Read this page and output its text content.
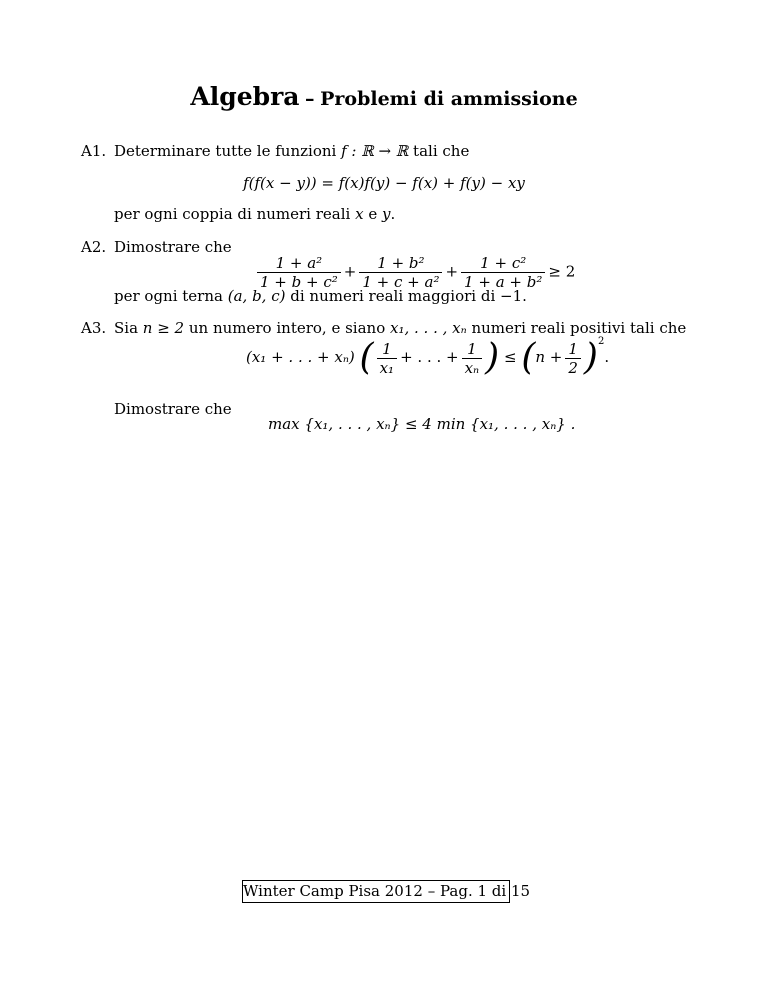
Algebra – Problemi di ammissione
A1. Determinare tutte le funzioni f : ℝ → ℝ tali che
f(f(x − y)) = f(x)f(y) − f(x) + f(y) − xy
per ogni coppia di numeri reali x e y.
A2. Dimostrare che
$\frac{\text{1 + a²}}{\text{1 + b + c²}} + \frac{\text{1 + b²}}{\text{1 + c + a²}} + \frac{\text{1 + c²}}{\text{1 + a + b²}} \ge 2$
per ogni terna (a, b, c) di numeri reali maggiori di −1.
A3. Sia n ≥ 2 un numero intero, e siano x₁, . . . , xₙ numeri reali positivi tali che
(x₁ + . . . + xₙ) ( $\frac{1}{\text{x₁}}$ + . . . + $\frac{1}{\text{xₙ}}$ ) ≤ $(n + \frac{1}{2} )^2$.
Dimostrare che
max {x₁, . . . , xₙ} ≤ 4 min {x₁, . . . , xₙ} .
Winter Camp Pisa 2012 – Pag. 1 di 15
